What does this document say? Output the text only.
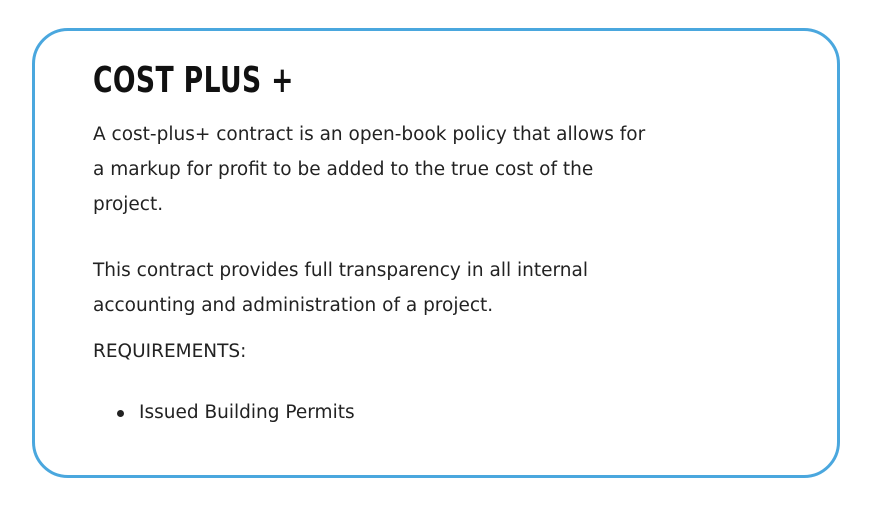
COST PLUS +

A cost-plus+ contract is an open-book policy that allows for a markup for profit to be added to the true cost of the project.

This contract provides full transparency in all internal accounting and administration of a project.

REQUIREMENTS:

Issued Building Permits
